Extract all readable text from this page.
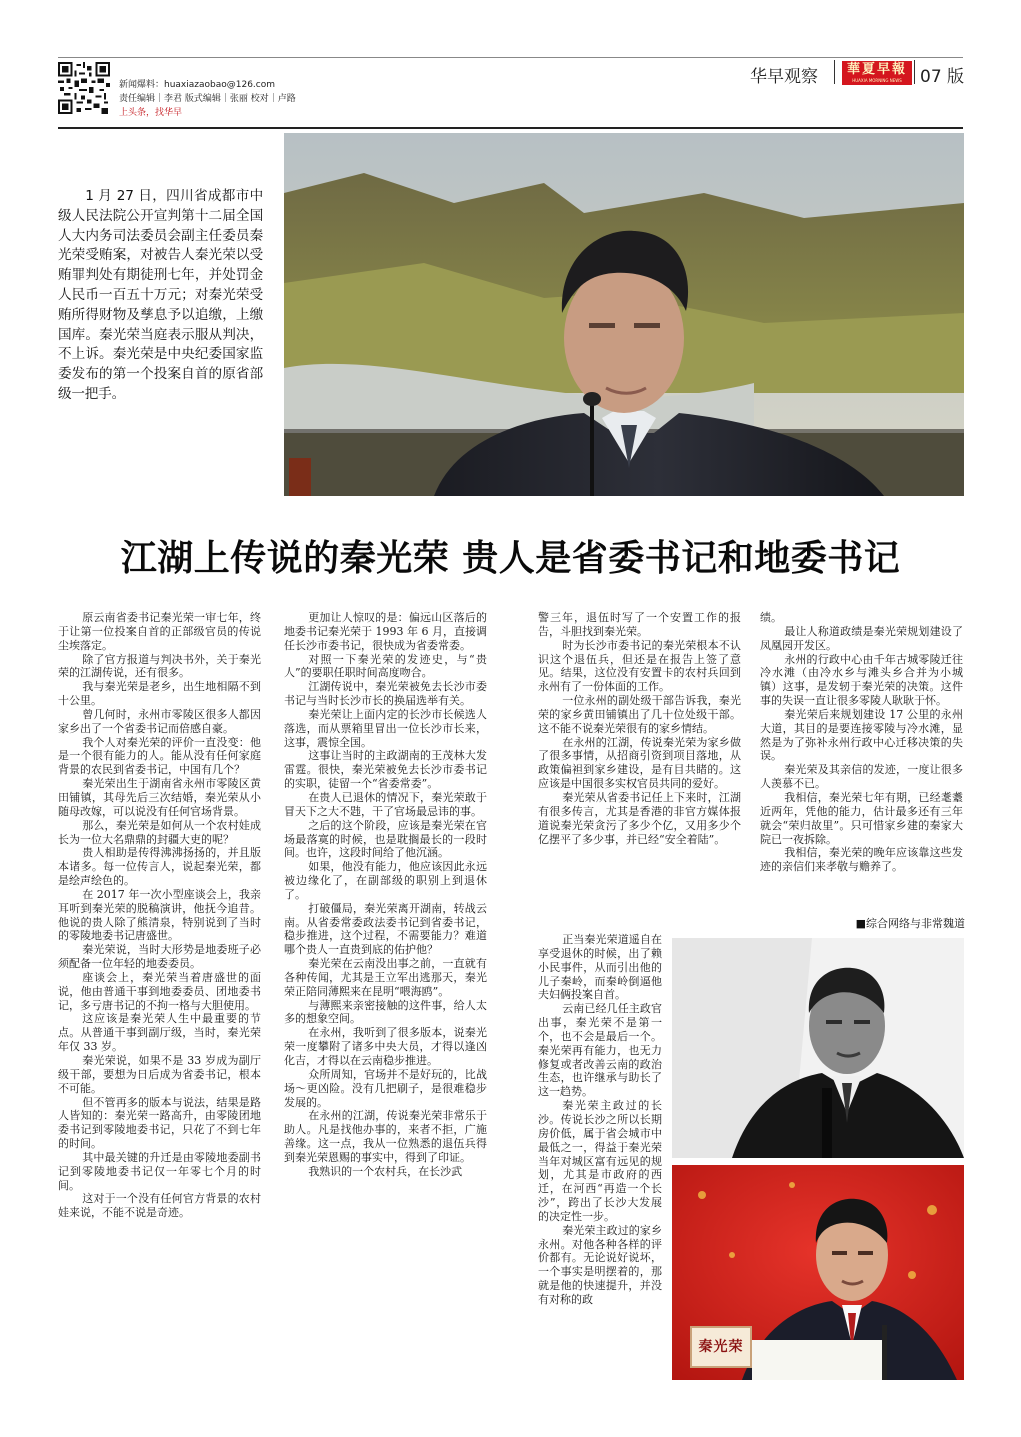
新闻爆料：huaxiazaobao@126.com
责任编辑｜李君 版式编辑｜张丽 校对｜卢路
上头条，找华早
华早观察	華夏早報
HUAXIA MORNING NEWS	07 版

1 月 27 日，四川省成都市中级人民法院公开宣判第十二届全国人大内务司法委员会副主任委员秦光荣受贿案，对被告人秦光荣以受贿罪判处有期徒刑七年，并处罚金人民币一百五十万元；对秦光荣受贿所得财物及孳息予以追缴，上缴国库。秦光荣当庭表示服从判决，不上诉。秦光荣是中央纪委国家监委发布的第一个投案自首的原省部级一把手。

江湖上传说的秦光荣 贵人是省委书记和地委书记

原云南省委书记秦光荣一审七年，终于让第一位投案自首的正部级官员的传说尘埃落定。

除了官方报道与判决书外，关于秦光荣的江湖传说，还有很多。

我与秦光荣是老乡，出生地相隔不到十公里。

曾几何时，永州市零陵区很多人都因家乡出了一个省委书记而倍感自豪。

我个人对秦光荣的评价一直没变：他是一个很有能力的人。能从没有任何家庭背景的农民到省委书记，中国有几个？

秦光荣出生于湖南省永州市零陵区黄田铺镇，其母先后三次结婚，秦光荣从小随母改嫁，可以说没有任何官场背景。

那么，秦光荣是如何从一个农村娃成长为一位大名鼎鼎的封疆大吏的呢？

贵人相助是传得沸沸扬扬的，并且版本诸多。每一位传言人，说起秦光荣，都是绘声绘色的。

在 2017 年一次小型座谈会上，我亲耳听到秦光荣的脱稿演讲，他抚今追昔。他说的贵人除了熊清泉，特别说到了当时的零陵地委书记唐盛世。

秦光荣说，当时大形势是地委班子必须配备一位年轻的地委委员。

座谈会上，秦光荣当着唐盛世的面说，他由普通干事到地委委员、团地委书记，多亏唐书记的不拘一格与大胆使用。

这应该是秦光荣人生中最重要的节点。从普通干事到副厅级，当时，秦光荣年仅 33 岁。

秦光荣说，如果不是 33 岁成为副厅级干部，要想为日后成为省委书记，根本不可能。

但不管再多的版本与说法，结果是路人皆知的：秦光荣一路高升，由零陵团地委书记到零陵地委书记，只花了不到七年的时间。

其中最关键的升迁是由零陵地委副书记到零陵地委书记仅一年零七个月的时间。

这对于一个没有任何官方背景的农村娃来说，不能不说是奇迹。

更加让人惊叹的是：偏远山区落后的地委书记秦光荣于 1993 年 6 月，直接调任长沙市委书记，很快成为省委常委。

对照一下秦光荣的发迹史，与“贵人”的要职任职时间高度吻合。

江湖传说中，秦光荣被免去长沙市委书记与当时长沙市长的换届选举有关。

秦光荣让上面内定的长沙市长候选人落选，而从票箱里冒出一位长沙市长来，这事，震惊全国。

这事让当时的主政湖南的王茂林大发雷霆。很快，秦光荣被免去长沙市委书记的实职，徒留一个“省委常委”。

在贵人已退休的情况下，秦光荣敢于冒天下之大不韪，干了官场最忌讳的事。

之后的这个阶段，应该是秦光荣在官场最落寞的时候，也是耽搁最长的一段时间。也许，这段时间给了他沉涵。

如果，他没有能力，他应该因此永远被边缘化了，在副部级的职别上到退休了。

打破僵局，秦光荣离开湖南，转战云南。从省委常委政法委书记到省委书记，稳步推进，这个过程，不需要能力？难道哪个贵人一直贵到底的佑护他？

秦光荣在云南没出事之前，一直就有各种传闻，尤其是王立军出逃那天，秦光荣正陪同薄熙来在昆明“喂海鸥”。

与薄熙来亲密接触的这件事，给人太多的想象空间。

在永州，我听到了很多版本，说秦光荣一度攀附了诸多中央大员，才得以逢凶化吉，才得以在云南稳步推进。

众所周知，官场并不是好玩的，比战场～更凶险。没有几把刷子，是很难稳步发展的。

在永州的江湖，传说秦光荣非常乐于助人。凡是找他办事的，来者不拒，广施善缘。这一点，我从一位熟悉的退伍兵得到秦光荣恩赐的事实中，得到了印证。

我熟识的一个农村兵，在长沙武

警三年，退伍时写了一个安置工作的报告，斗胆找到秦光荣。

时为长沙市委书记的秦光荣根本不认识这个退伍兵，但还是在报告上签了意见。结果，这位没有安置卡的农村兵回到永州有了一份体面的工作。

一位永州的副处级干部告诉我，秦光荣的家乡黄田铺镇出了几十位处级干部。这不能不说秦光荣很有的家乡情结。

在永州的江湖，传说秦光荣为家乡做了很多事情，从招商引资到项目落地，从政策偏袒到家乡建设，是有目共睹的。这应该是中国很多实权官员共同的爱好。

秦光荣从省委书记任上下来时，江湖有很多传言，尤其是香港的非官方媒体报道说秦光荣贪污了多少个亿，又用多少个亿摆平了多少事，并已经“安全着陆”。

正当秦光荣道遥自在享受退休的时候，出了赖小民事件，从而引出他的儿子秦岭，而秦岭倒逼他夫妇俩投案自首。

云南已经几任主政官出事，秦光荣不是第一个，也不会是最后一个。秦光荣再有能力，也无力修复或者改善云南的政治生态，也许继承与助长了这一趋势。

秦光荣主政过的长沙。传说长沙之所以长期房价低，属于省会城市中最低之一，得益于秦光荣当年对城区富有远见的规划，尤其是市政府的西迁，在河西“再造一个长沙”，跨出了长沙大发展的决定性一步。

秦光荣主政过的家乡永州。对他各种各样的评价都有。无论说好说坏，一个事实是明摆着的，那就是他的快速提升，并没有对称的政

绩。

最让人称道政绩是秦光荣规划建设了凤凰园开发区。

永州的行政中心由千年古城零陵迁往冷水滩（由冷水乡与滩头乡合并为小城镇）这事，是发轫于秦光荣的决策。这件事的失误一直让很多零陵人耿耿于怀。

秦光荣后来规划建设 17 公里的永州大道，其目的是要连接零陵与冷水滩，显然是为了弥补永州行政中心迁移决策的失误。

秦光荣及其亲信的发迹，一度让很多人羡慕不已。

我相信，秦光荣七年有期，已经耄耋近两年，凭他的能力，估计最多还有三年就会“荣归故里”。只可惜家乡建的秦家大院已一夜拆除。

我相信，秦光荣的晚年应该靠这些发迹的亲信们来孝敬与赡养了。

■综合网络与非常魏道
秦光荣
